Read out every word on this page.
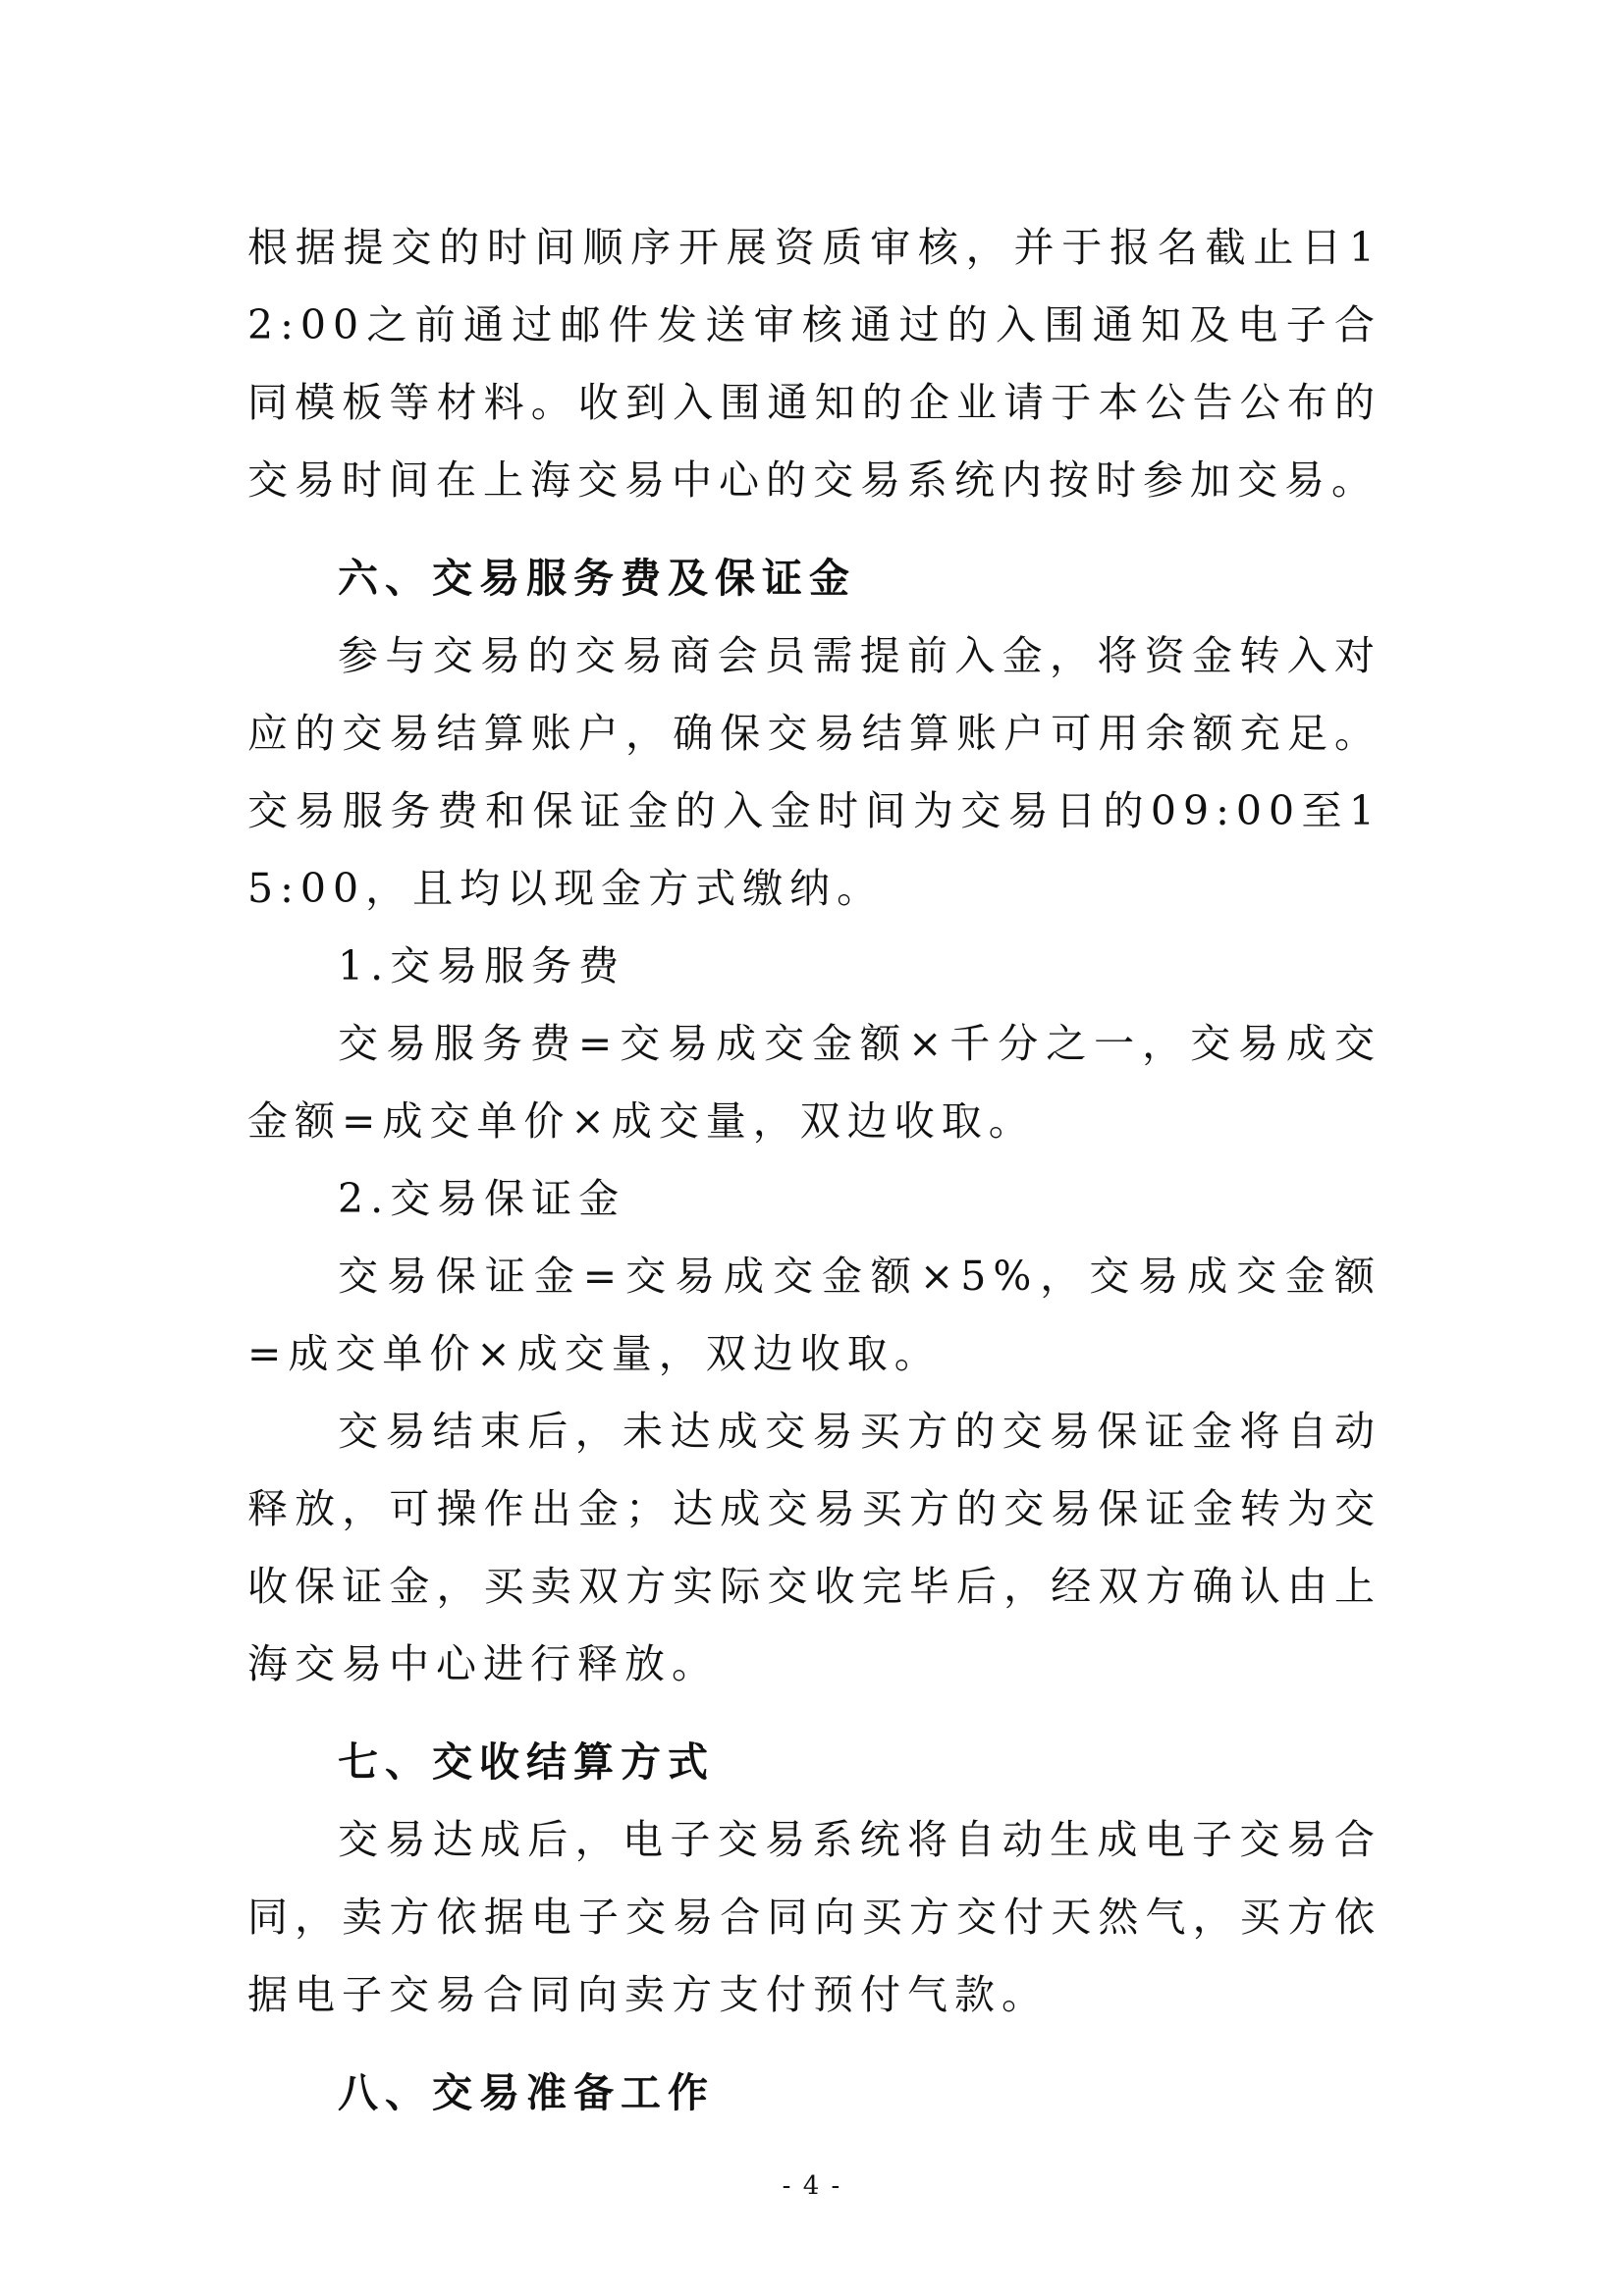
根据提交的时间顺序开展资质审核，并于报名截止日12:00之前通过邮件发送审核通过的入围通知及电子合同模板等材料。收到入围通知的企业请于本公告公布的交易时间在上海交易中心的交易系统内按时参加交易。

六、交易服务费及保证金

参与交易的交易商会员需提前入金，将资金转入对应的交易结算账户，确保交易结算账户可用余额充足。交易服务费和保证金的入金时间为交易日的09:00至15:00，且均以现金方式缴纳。

1.交易服务费

交易服务费=交易成交金额×千分之一，交易成交金额=成交单价×成交量，双边收取。

2.交易保证金

交易保证金=交易成交金额×5%，交易成交金额=成交单价×成交量，双边收取。

交易结束后，未达成交易买方的交易保证金将自动释放，可操作出金；达成交易买方的交易保证金转为交收保证金，买卖双方实际交收完毕后，经双方确认由上海交易中心进行释放。

七、交收结算方式

交易达成后，电子交易系统将自动生成电子交易合同，卖方依据电子交易合同向买方交付天然气，买方依据电子交易合同向卖方支付预付气款。

八、交易准备工作
- 4 -
